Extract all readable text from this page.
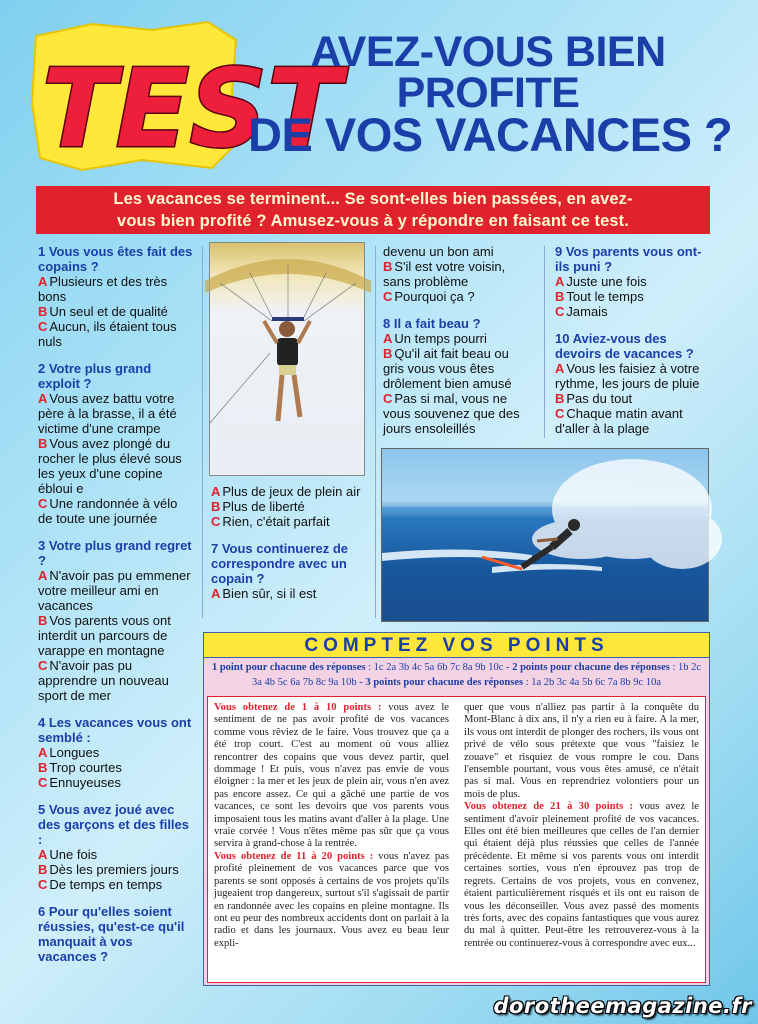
TEST
AVEZ-VOUS BIEN
PROFITE
DE VOS VACANCES ?
Les vacances se terminent... Se sont-elles bien passées, en avez-
vous bien profité ? Amusez-vous à y répondre en faisant ce test.
1 Vous vous êtes fait des copains ?
A Plusieurs et des très bons
B Un seul et de qualité
C Aucun, ils étaient tous nuls
2 Votre plus grand exploit ?
A Vous avez battu votre père à la brasse, il a été victime d'une crampe
B Vous avez plongé du rocher le plus élevé sous les yeux d'une copine ébloui e
C Une randonnée à vélo de toute une journée
3 Votre plus grand regret ?
A N'avoir pas pu emmener votre meilleur ami en vacances
B Vos parents vous ont interdit un parcours de varappe en montagne
C N'avoir pas pu apprendre un nouveau sport de mer
4 Les vacances vous ont semblé :
A Longues
B Trop courtes
C Ennuyeuses
5 Vous avez joué avec des garçons et des filles :
A Une fois
B Dès les premiers jours
C De temps en temps
6 Pour qu'elles soient réussies, qu'est-ce qu'il manquait à vos vacances ?
A Plus de jeux de plein air
B Plus de liberté
C Rien, c'était parfait
7 Vous continuerez de correspondre avec un copain ?
A Bien sûr, si il est
devenu un bon ami
B S'il est votre voisin, sans problème
C Pourquoi ça ?
8 Il a fait beau ?
A Un temps pourri
B Qu'il ait fait beau ou gris vous vous êtes drôlement bien amusé
C Pas si mal, vous ne vous souvenez que des jours ensoleillés
9 Vos parents vous ont-ils puni ?
A Juste une fois
B Tout le temps
C Jamais
10 Aviez-vous des devoirs de vacances ?
A Vous les faisiez à votre rythme, les jours de pluie
B Pas du tout
C Chaque matin avant d'aller à la plage
COMPTEZ VOS POINTS
1 point pour chacune des réponses : 1c 2a 3b 4c 5a 6b 7c 8a 9b 10c - 2 points pour chacune des réponses : 1b 2c 3a 4b 5c 6a 7b 8c 9a 10b - 3 points pour chacune des réponses : 1a 2b 3c 4a 5b 6c 7a 8b 9c 10a

Vous obtenez de 1 à 10 points : vous avez le sentiment de ne pas avoir profité de vos vacances comme vous rêviez de le faire. Vous trouvez que ça a été trop court. C'est au moment où vous alliez rencontrer des copains que vous devez partir, quel dommage ! Et puis, vous n'avez pas envie de vous éloigner : la mer et les jeux de plein air, vous n'en avez pas encore assez. Ce qui a gâché une partie de vos vacances, ce sont les devoirs que vos parents vous imposaient tous les matins avant d'aller à la plage. Une vraie corvée ! Vous n'êtes même pas sûr que ça vous servira à grand-chose à la rentrée.

Vous obtenez de 11 à 20 points : vous n'avez pas profité pleinement de vos vacances parce que vos parents se sont opposés à certains de vos projets qu'ils jugeaient trop dangereux, surtout s'il s'agissait de partir en randonnée avec les copains en pleine montagne. Ils ont eu peur des nombreux accidents dont on parlait à la radio et dans les journaux. Vous avez eu beau leur expli-

quer que vous n'alliez pas partir à la conquête du Mont-Blanc à dix ans, il n'y a rien eu à faire. A la mer, ils vous ont interdit de plonger des rochers, ils vous ont privé de vélo sous prétexte que vous "faisiez le zouave" et risquiez de vous rompre le cou. Dans l'ensemble pourtant, vous vous êtes amusé, ce n'était pas si mal. Vous en reprendriez volontiers pour un mois de plus.

Vous obtenez de 21 à 30 points : vous avez le sentiment d'avoir pleinement profité de vos vacances. Elles ont été bien meilleures que celles de l'an dernier qui étaient déjà plus réussies que celles de l'année précédente. Et même si vos parents vous ont interdit certaines sorties, vous n'en éprouvez pas trop de regrets. Certains de vos projets, vous en convenez, étaient particulièrement risqués et ils ont eu raison de vous les déconseiller. Vous avez passé des moments très forts, avec des copains fantastiques que vous aurez du mal à quitter. Peut-être les retrouverez-vous à la rentrée ou continuerez-vous à correspondre avec eux...

dorotheemagazine.fr
